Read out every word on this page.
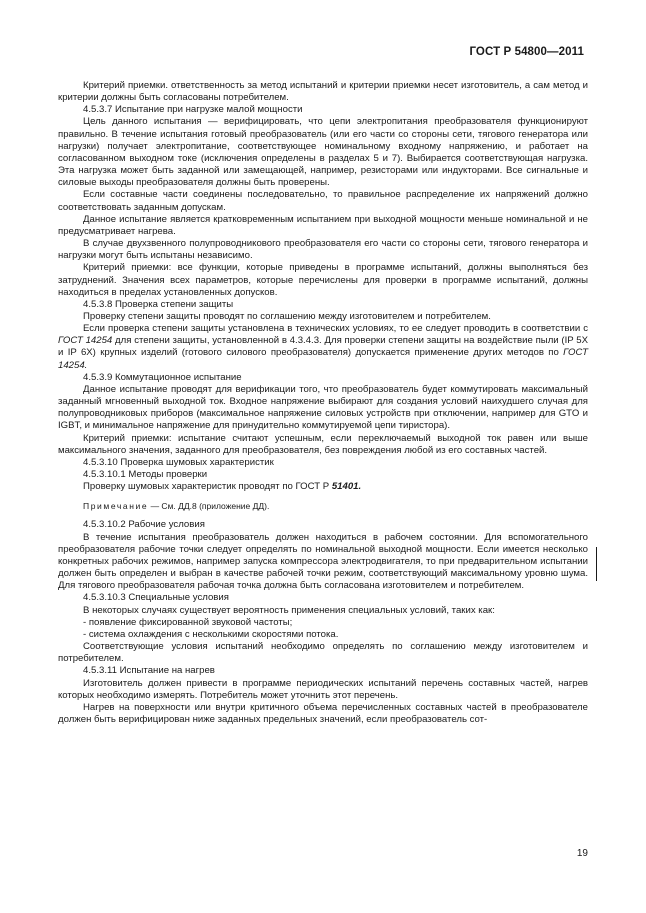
ГОСТ Р 54800—2011

Критерий приемки. ответственность за метод испытаний и критерии приемки несет изготовитель, а сам метод и критерии должны быть согласованы потребителем.

4.5.3.7 Испытание при нагрузке малой мощности

Цель данного испытания — верифицировать, что цепи электропитания преобразователя функционируют правильно. В течение испытания готовый преобразователь (или его части со стороны сети, тягового генератора или нагрузки) получает электропитание, соответствующее номинальному входному напряжению, и работает на согласованном выходном токе (исключения определены в разделах 5 и 7). Выбирается соответствующая нагрузка. Эта нагрузка может быть заданной или замещающей, например, резисторами или индукторами. Все сигнальные и силовые выходы преобразователя должны быть проверены.

Если составные части соединены последовательно, то правильное распределение их напряжений должно соответствовать заданным допускам.

Данное испытание является кратковременным испытанием при выходной мощности меньше номинальной и не предусматривает нагрева.

В случае двухзвенного полупроводникового преобразователя его части со стороны сети, тягового генератора и нагрузки могут быть испытаны независимо.

Критерий приемки: все функции, которые приведены в программе испытаний, должны выполняться без затруднений. Значения всех параметров, которые перечислены для проверки в программе испытаний, должны находиться в пределах установленных допусков.

4.5.3.8 Проверка степени защиты

Проверку степени защиты проводят по соглашению между изготовителем и потребителем.

Если проверка степени защиты установлена в технических условиях, то ее следует проводить в соответствии с ГОСТ 14254 для степени защиты, установленной в 4.3.4.3. Для проверки степени защиты на воздействие пыли (IP 5X и IP 6X) крупных изделий (готового силового преобразователя) допускается применение других методов по ГОСТ 14254.

4.5.3.9 Коммутационное испытание

Данное испытание проводят для верификации того, что преобразователь будет коммутировать максимальный заданный мгновенный выходной ток. Входное напряжение выбирают для создания условий наихудшего случая для полупроводниковых приборов (максимальное напряжение силовых устройств при отключении, например для GTO и IGBT, и минимальное напряжение для принудительно коммутируемой цепи тиристора).

Критерий приемки: испытание считают успешным, если переключаемый выходной ток равен или выше максимального значения, заданного для преобразователя, без повреждения любой из его составных частей.

4.5.3.10 Проверка шумовых характеристик

4.5.3.10.1 Методы проверки

Проверку шумовых характеристик проводят по ГОСТ Р 51401.

Примечание — См. ДД.8 (приложение ДД).

4.5.3.10.2 Рабочие условия

В течение испытания преобразователь должен находиться в рабочем состоянии. Для вспомогательного преобразователя рабочие точки следует определять по номинальной выходной мощности. Если имеется несколько конкретных рабочих режимов, например запуска компрессора электродвигателя, то при предварительном испытании должен быть определен и выбран в качестве рабочей точки режим, соответствующий максимальному уровню шума. Для тягового преобразователя рабочая точка должна быть согласована изготовителем и потребителем.

4.5.3.10.3 Специальные условия

В некоторых случаях существует вероятность применения специальных условий, таких как:

- появление фиксированной звуковой частоты;

- система охлаждения с несколькими скоростями потока.

Соответствующие условия испытаний необходимо определять по соглашению между изготовителем и потребителем.

4.5.3.11 Испытание на нагрев

Изготовитель должен привести в программе периодических испытаний перечень составных частей, нагрев которых необходимо измерять. Потребитель может уточнить этот перечень.

Нагрев на поверхности или внутри критичного объема перечисленных составных частей в преобразователе должен быть верифицирован ниже заданных предельных значений, если преобразователь сот-

19
